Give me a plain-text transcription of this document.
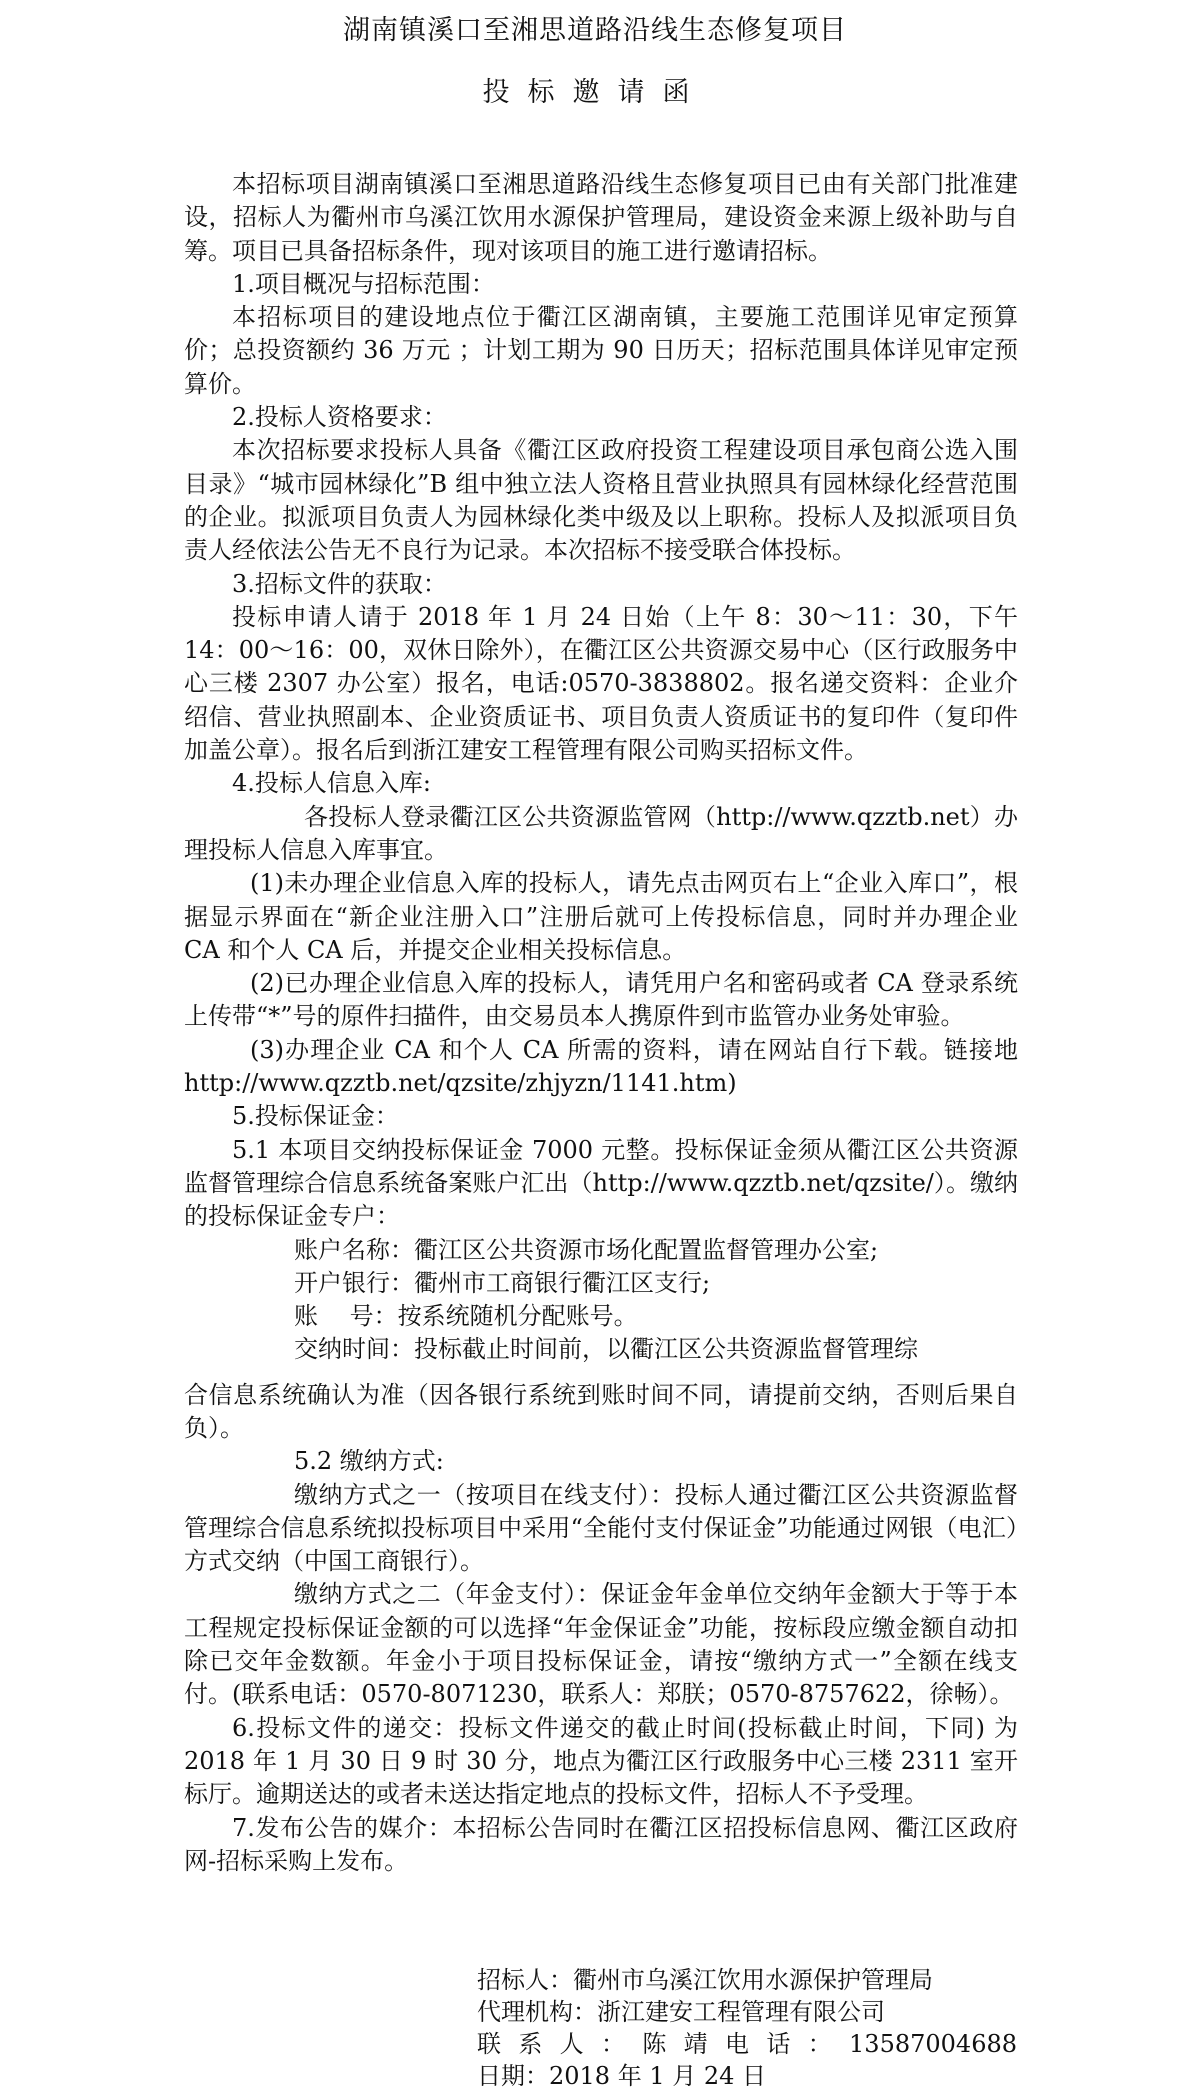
湖南镇溪口至湘思道路沿线生态修复项目
投标邀请函

本招标项目湖南镇溪口至湘思道路沿线生态修复项目已由有关部门批准建设，招标人为衢州市乌溪江饮用水源保护管理局，建设资金来源上级补助与自筹。项目已具备招标条件，现对该项目的施工进行邀请招标。

1.项目概况与招标范围：

本招标项目的建设地点位于衢江区湖南镇，主要施工范围详见审定预算价；总投资额约 36 万元 ；计划工期为 90 日历天；招标范围具体详见审定预算价。

2.投标人资格要求：

本次招标要求投标人具备《衢江区政府投资工程建设项目承包商公选入围目录》“城市园林绿化”B 组中独立法人资格且营业执照具有园林绿化经营范围的企业。拟派项目负责人为园林绿化类中级及以上职称。投标人及拟派项目负责人经依法公告无不良行为记录。本次招标不接受联合体投标。

3.招标文件的获取：

投标申请人请于 2018 年 1 月 24 日始（上午 8：30～11：30，下午 14：00～16：00，双休日除外），在衢江区公共资源交易中心（区行政服务中心三楼 2307 办公室）报名，电话:0570-3838802。报名递交资料：企业介绍信、营业执照副本、企业资质证书、项目负责人资质证书的复印件（复印件加盖公章）。报名后到浙江建安工程管理有限公司购买招标文件。

4.投标人信息入库:

各投标人登录衢江区公共资源监管网（http://www.qzztb.net）办理投标人信息入库事宜。

(1)未办理企业信息入库的投标人，请先点击网页右上“企业入库口”，根据显示界面在“新企业注册入口”注册后就可上传投标信息，同时并办理企业 CA 和个人 CA 后，并提交企业相关投标信息。

(2)已办理企业信息入库的投标人，请凭用户名和密码或者 CA 登录系统上传带“*”号的原件扫描件，由交易员本人携原件到市监管办业务处审验。

(3)办理企业 CA 和个人 CA 所需的资料，请在网站自行下载。链接地 http://www.qzztb.net/qzsite/zhjyzn/1141.htm)

5.投标保证金：

5.1 本项目交纳投标保证金 7000 元整。投标保证金须从衢江区公共资源监督管理综合信息系统备案账户汇出（http://www.qzztb.net/qzsite/）。缴纳的投标保证金专户：

账户名称：衢江区公共资源市场化配置监督管理办公室;

开户银行：衢州市工商银行衢江区支行;

账　 号：按系统随机分配账号。

交纳时间：投标截止时间前，以衢江区公共资源监督管理综

合信息系统确认为准（因各银行系统到账时间不同，请提前交纳，否则后果自负）。

5.2 缴纳方式:

缴纳方式之一（按项目在线支付）：投标人通过衢江区公共资源监督管理综合信息系统拟投标项目中采用“全能付支付保证金”功能通过网银（电汇）方式交纳（中国工商银行）。

缴纳方式之二（年金支付）：保证金年金单位交纳年金额大于等于本工程规定投标保证金额的可以选择“年金保证金”功能，按标段应缴金额自动扣除已交年金数额。年金小于项目投标保证金，请按“缴纳方式一”全额在线支付。(联系电话：0570-8071230，联系人：郑朕；0570-8757622，徐畅）。

6.投标文件的递交：投标文件递交的截止时间(投标截止时间，下同) 为 2018 年 1 月 30 日 9 时 30 分，地点为衢江区行政服务中心三楼 2311 室开标厅。逾期送达的或者未送达指定地点的投标文件，招标人不予受理。

7.发布公告的媒介：本招标公告同时在衢江区招投标信息网、衢江区政府网-招标采购上发布。

招标人：衢州市乌溪江饮用水源保护管理局

代理机构：浙江建安工程管理有限公司

联 系 人 ： 陈 靖 电 话 ： 13587004688

日期：2018 年 1 月 24 日
